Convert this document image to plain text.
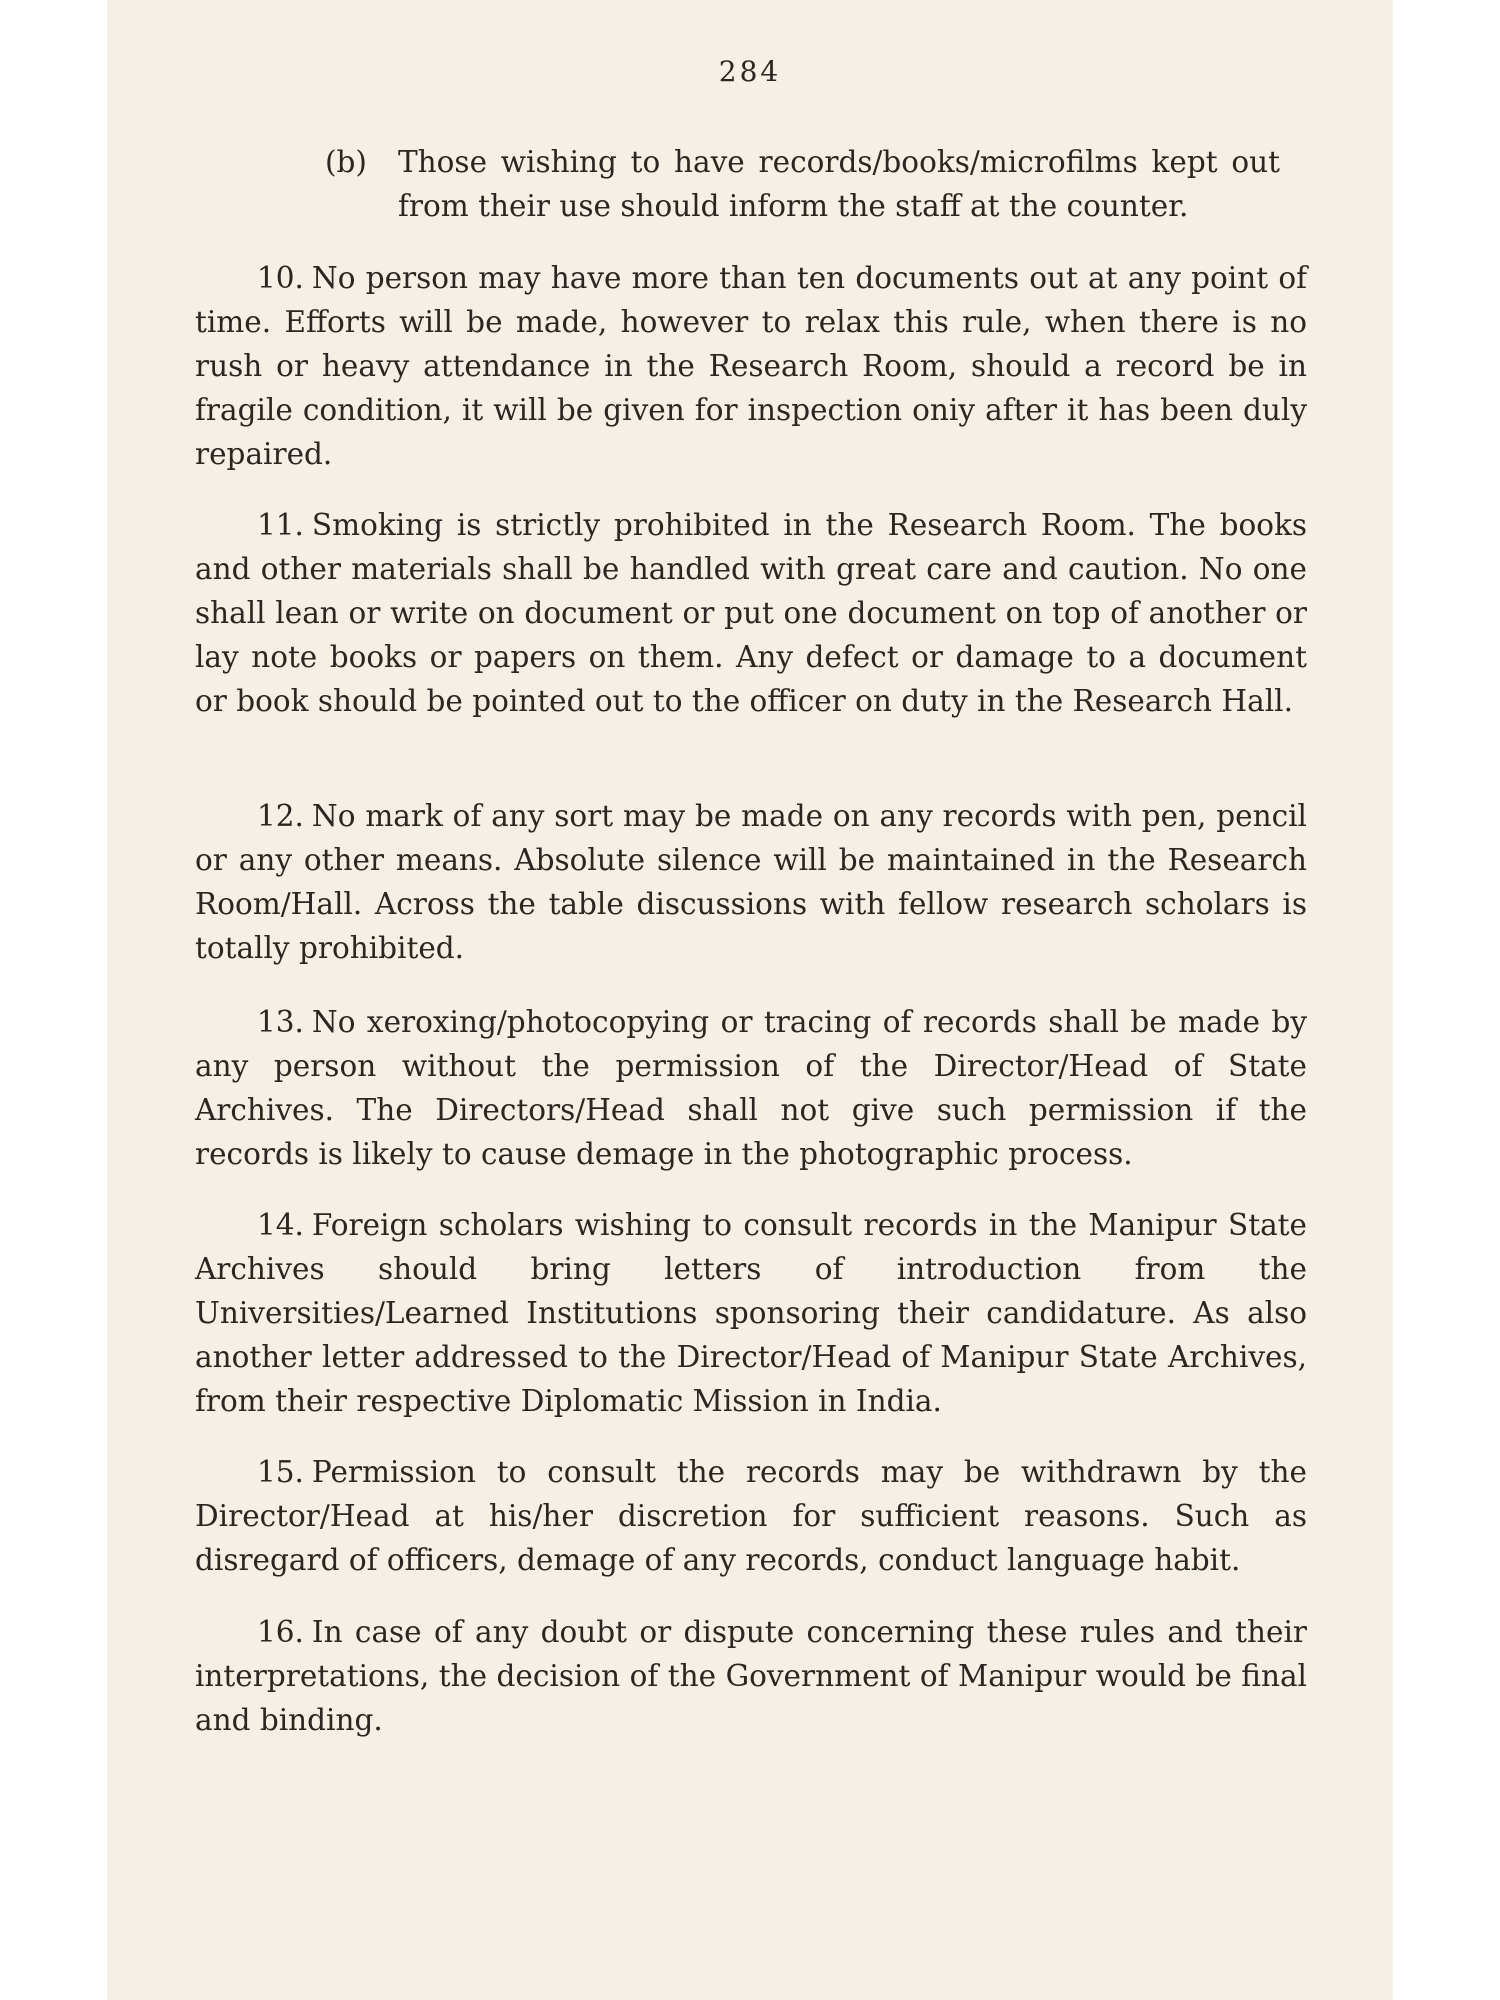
284
(b)	Those wishing to have records/books/microfilms kept out from their use should inform the staff at the counter.

10. No person may have more than ten documents out at any point of time. Efforts will be made, however to relax this rule, when there is no rush or heavy attendance in the Research Room, should a record be in fragile condition, it will be given for inspection oniy after it has been duly repaired.

11. Smoking is strictly prohibited in the Research Room. The books and other materials shall be handled with great care and caution. No one shall lean or write on document or put one document on top of another or lay note books or papers on them. Any defect or damage to a document or book should be pointed out to the officer on duty in the Research Hall.

12. No mark of any sort may be made on any records with pen, pencil or any other means. Absolute silence will be maintained in the Research Room/Hall. Across the table discussions with fellow research scholars is totally prohibited.

13. No xeroxing/photocopying or tracing of records shall be made by any person without the permission of the Director/Head of State Archives. The Directors/Head shall not give such permission if the records is likely to cause demage in the photographic process.

14. Foreign scholars wishing to consult records in the Manipur State Archives should bring letters of introduction from the Universities/Learned Institutions sponsoring their candidature. As also another letter addressed to the Director/Head of Manipur State Archives, from their respective Diplomatic Mission in India.

15. Permission to consult the records may be withdrawn by the Director/Head at his/her discretion for sufficient reasons. Such as disregard of officers, demage of any records, conduct language habit.

16. In case of any doubt or dispute concerning these rules and their interpretations, the decision of the Government of Manipur would be final and binding.
